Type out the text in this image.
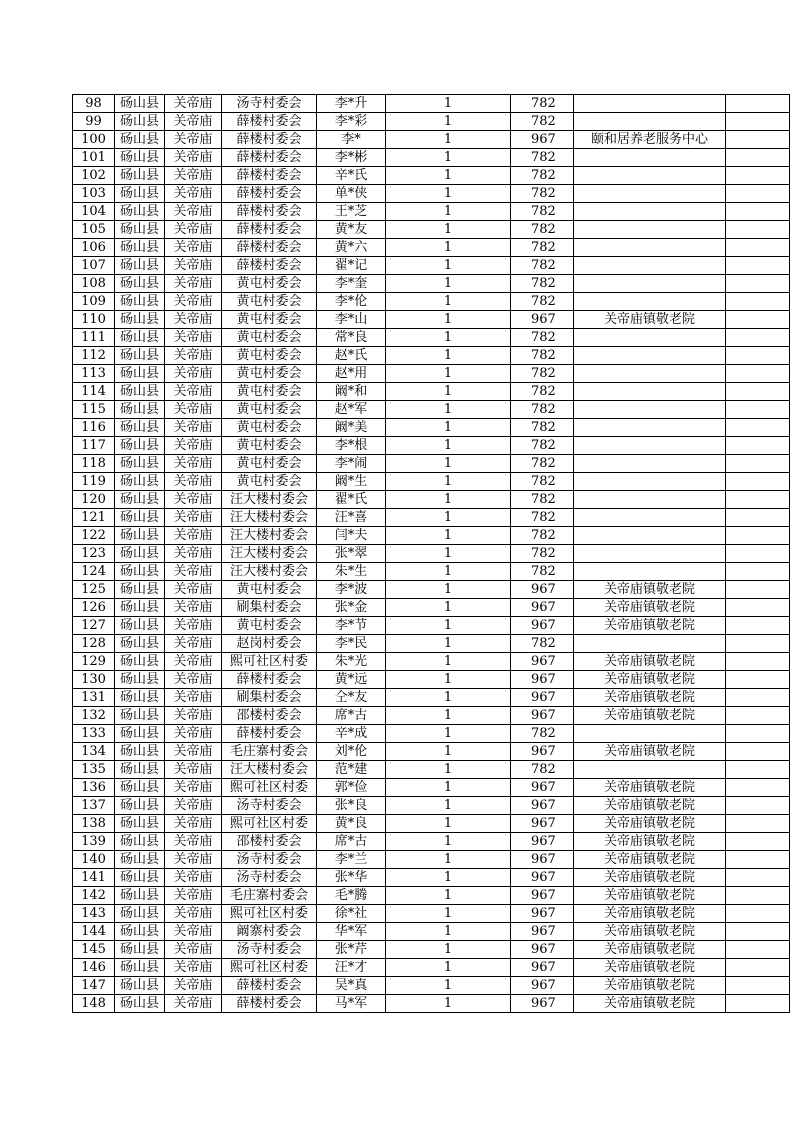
98	砀山县	关帝庙	汤寺村委会	李*升	1	782		
99	砀山县	关帝庙	薛楼村委会	李*彩	1	782		
100	砀山县	关帝庙	薛楼村委会	李*	1	967	颐和居养老服务中心	
101	砀山县	关帝庙	薛楼村委会	李*彬	1	782		
102	砀山县	关帝庙	薛楼村委会	辛*氏	1	782		
103	砀山县	关帝庙	薛楼村委会	单*侠	1	782		
104	砀山县	关帝庙	薛楼村委会	王*芝	1	782		
105	砀山县	关帝庙	薛楼村委会	黄*友	1	782		
106	砀山县	关帝庙	薛楼村委会	黄*六	1	782		
107	砀山县	关帝庙	薛楼村委会	翟*记	1	782		
108	砀山县	关帝庙	黄屯村委会	李*奎	1	782		
109	砀山县	关帝庙	黄屯村委会	李*伦	1	782		
110	砀山县	关帝庙	黄屯村委会	李*山	1	967	关帝庙镇敬老院	
111	砀山县	关帝庙	黄屯村委会	常*良	1	782		
112	砀山县	关帝庙	黄屯村委会	赵*氏	1	782		
113	砀山县	关帝庙	黄屯村委会	赵*用	1	782		
114	砀山县	关帝庙	黄屯村委会	阚*和	1	782		
115	砀山县	关帝庙	黄屯村委会	赵*军	1	782		
116	砀山县	关帝庙	黄屯村委会	阚*美	1	782		
117	砀山县	关帝庙	黄屯村委会	李*根	1	782		
118	砀山县	关帝庙	黄屯村委会	李*闹	1	782		
119	砀山县	关帝庙	黄屯村委会	阚*生	1	782		
120	砀山县	关帝庙	汪大楼村委会	翟*氏	1	782		
121	砀山县	关帝庙	汪大楼村委会	汪*喜	1	782		
122	砀山县	关帝庙	汪大楼村委会	闫*夫	1	782		
123	砀山县	关帝庙	汪大楼村委会	张*翠	1	782		
124	砀山县	关帝庙	汪大楼村委会	朱*生	1	782		
125	砀山县	关帝庙	黄屯村委会	李*波	1	967	关帝庙镇敬老院	
126	砀山县	关帝庙	刷集村委会	张*金	1	967	关帝庙镇敬老院	
127	砀山县	关帝庙	黄屯村委会	李*节	1	967	关帝庙镇敬老院	
128	砀山县	关帝庙	赵岗村委会	李*民	1	782		
129	砀山县	关帝庙	熙可社区村委	朱*光	1	967	关帝庙镇敬老院	
130	砀山县	关帝庙	薛楼村委会	黄*远	1	967	关帝庙镇敬老院	
131	砀山县	关帝庙	刷集村委会	仝*友	1	967	关帝庙镇敬老院	
132	砀山县	关帝庙	邵楼村委会	席*古	1	967	关帝庙镇敬老院	
133	砀山县	关帝庙	薛楼村委会	辛*成	1	782		
134	砀山县	关帝庙	毛庄寨村委会	刘*伦	1	967	关帝庙镇敬老院	
135	砀山县	关帝庙	汪大楼村委会	范*建	1	782		
136	砀山县	关帝庙	熙可社区村委	郭*俭	1	967	关帝庙镇敬老院	
137	砀山县	关帝庙	汤寺村委会	张*良	1	967	关帝庙镇敬老院	
138	砀山县	关帝庙	熙可社区村委	黄*良	1	967	关帝庙镇敬老院	
139	砀山县	关帝庙	邵楼村委会	席*古	1	967	关帝庙镇敬老院	
140	砀山县	关帝庙	汤寺村委会	李*兰	1	967	关帝庙镇敬老院	
141	砀山县	关帝庙	汤寺村委会	张*华	1	967	关帝庙镇敬老院	
142	砀山县	关帝庙	毛庄寨村委会	毛*腾	1	967	关帝庙镇敬老院	
143	砀山县	关帝庙	熙可社区村委	徐*社	1	967	关帝庙镇敬老院	
144	砀山县	关帝庙	阚寨村委会	华*军	1	967	关帝庙镇敬老院	
145	砀山县	关帝庙	汤寺村委会	张*芹	1	967	关帝庙镇敬老院	
146	砀山县	关帝庙	熙可社区村委	汪*才	1	967	关帝庙镇敬老院	
147	砀山县	关帝庙	薛楼村委会	吴*真	1	967	关帝庙镇敬老院	
148	砀山县	关帝庙	薛楼村委会	马*军	1	967	关帝庙镇敬老院	
